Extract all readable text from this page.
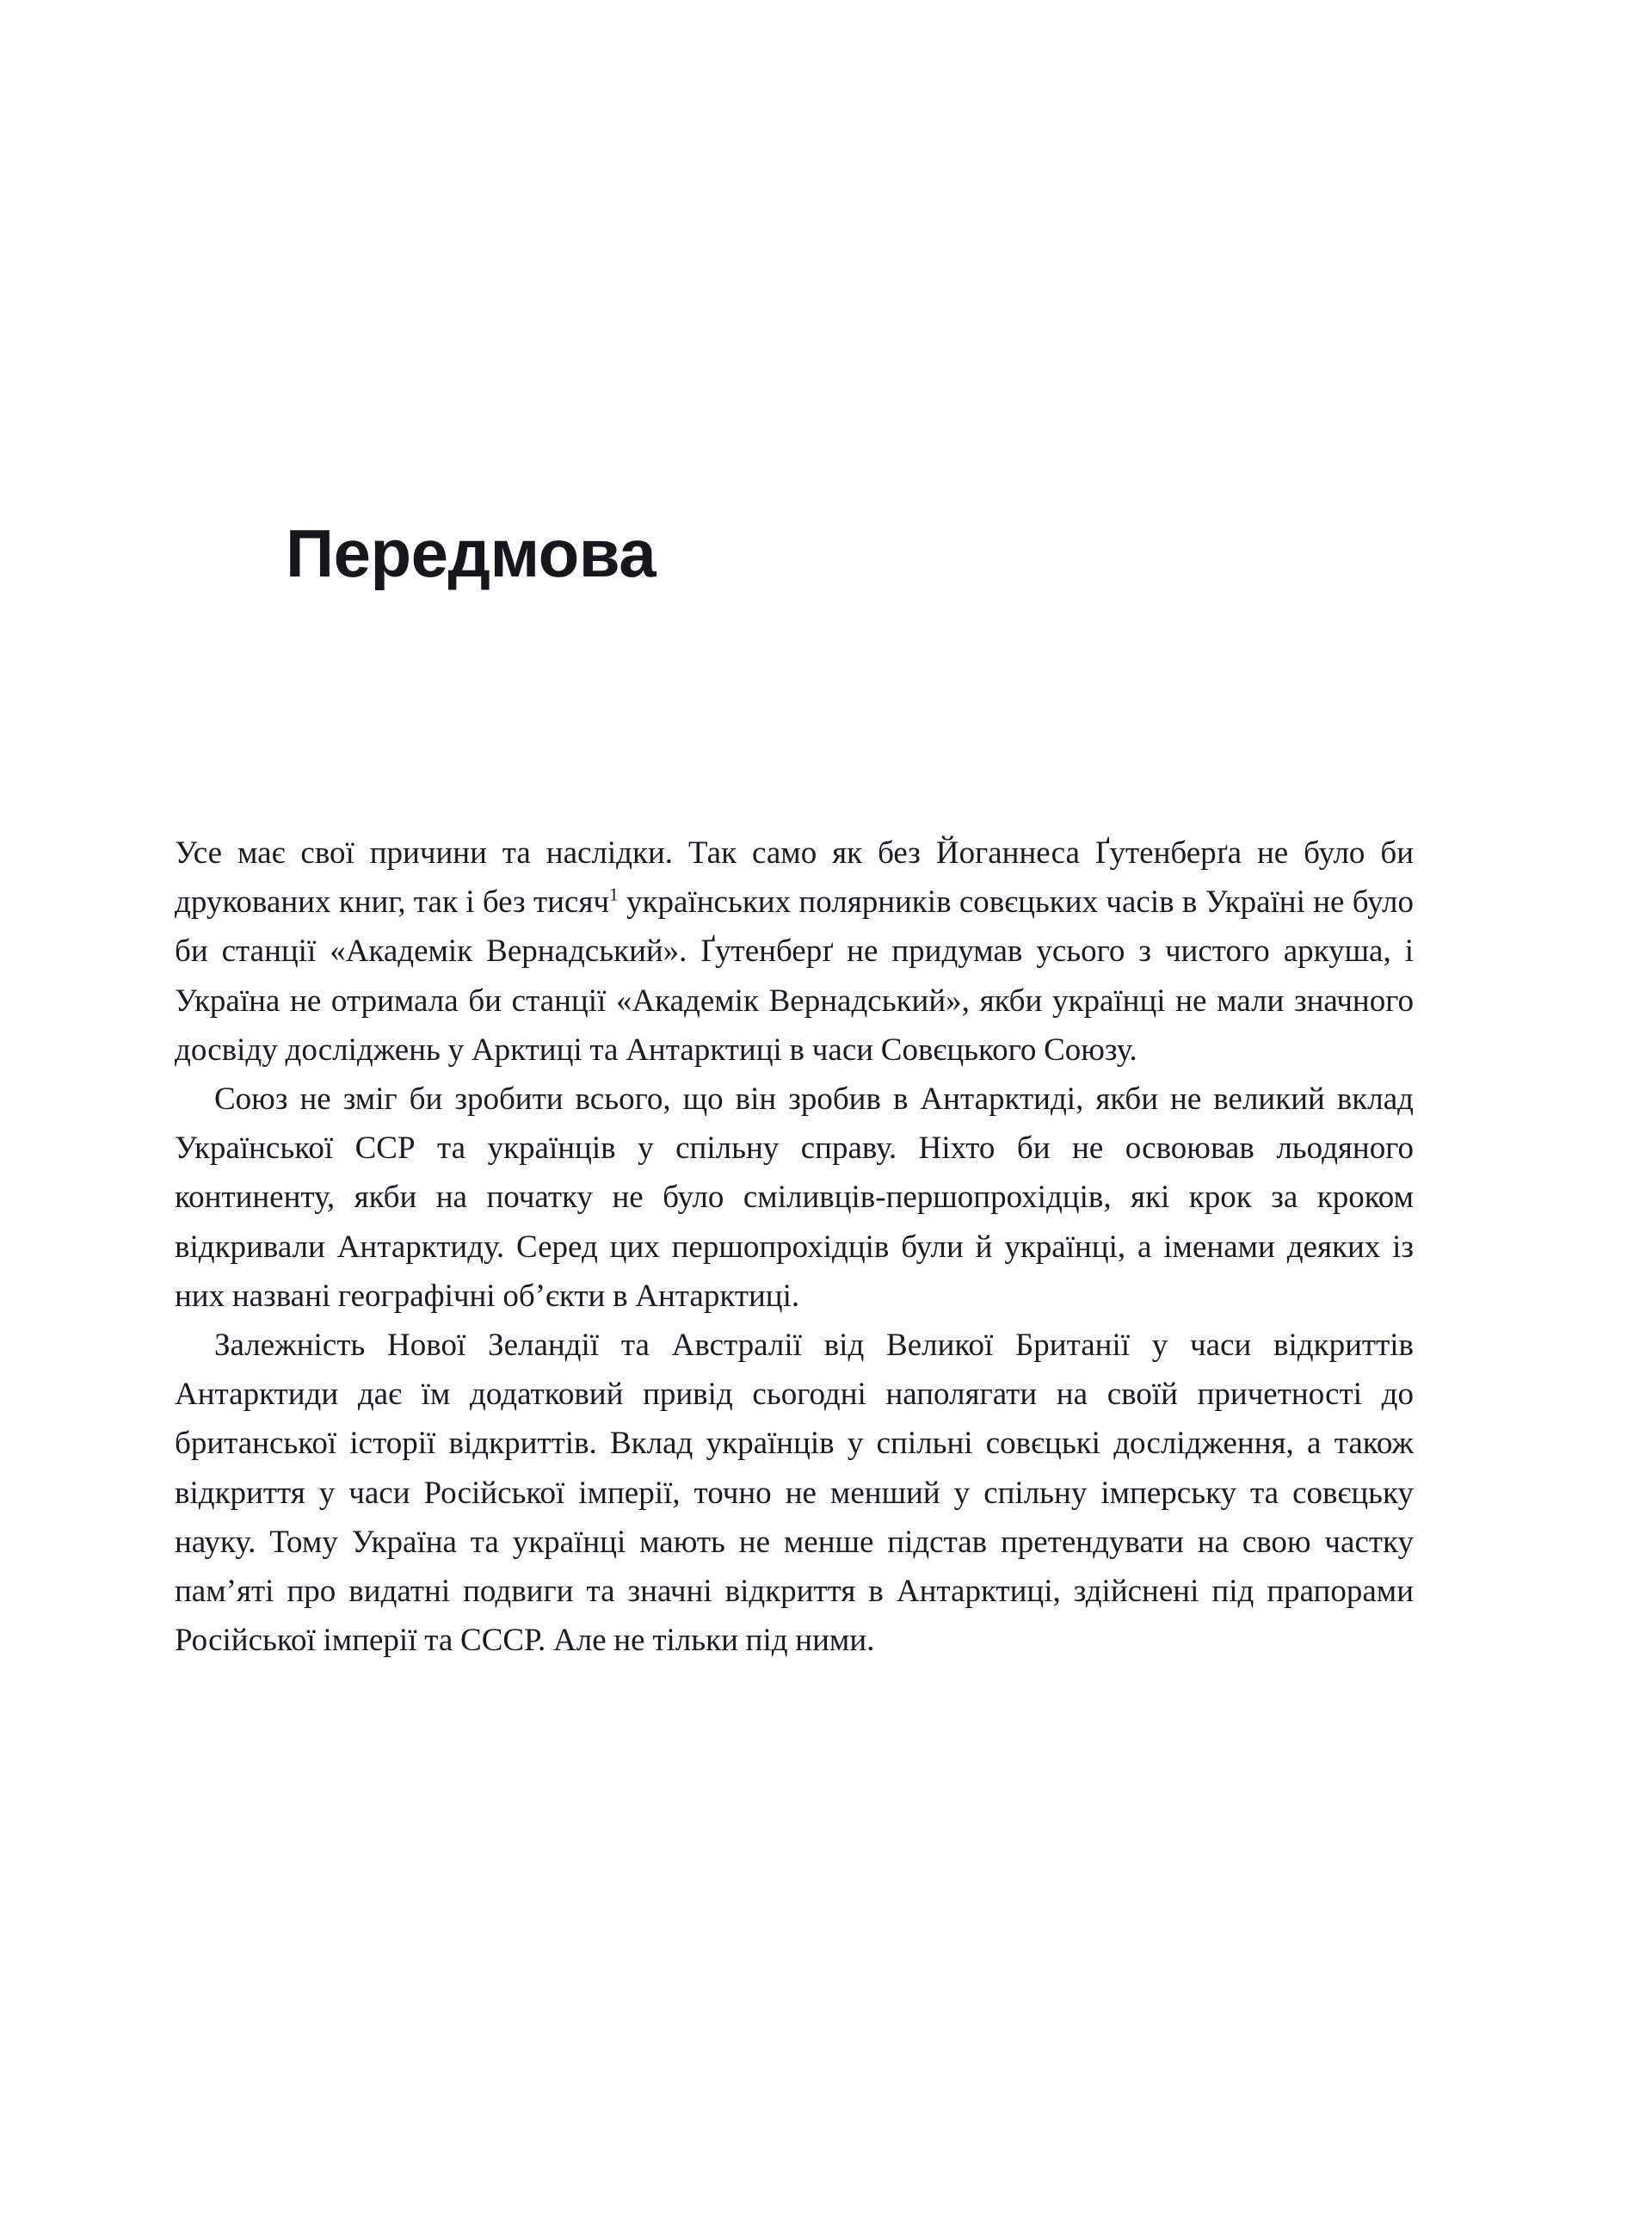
Передмова

Усе має свої причини та наслідки. Так само як без Йоганнеса Ґутенберґа не було би друкованих книг, так і без тисяч$^1$ українських полярників совєцьких часів в Україні не було би станції «Академік Вернадський». Ґутенберґ не придумав усього з чистого аркуша, і Україна не отримала би станції «Академік Вернадський», якби українці не мали значного досвіду досліджень у Арктиці та Антарктиці в часи Совєцького Союзу.

Союз не зміг би зробити всього, що він зробив в Антарктиді, якби не великий вклад Української ССР та українців у спільну справу. Ніхто би не освоював льодяного континенту, якби на початку не було сміливців-першопрохідців, які крок за кроком відкривали Антарктиду. Серед цих першопрохідців були й українці, а іменами деяких із них названі географічні об’єкти в Антарктиці.

Залежність Нової Зеландії та Австралії від Великої Британії у часи відкриттів Антарктиди дає їм додатковий привід сьогодні наполягати на своїй причетності до британської історії відкриттів. Вклад українців у спільні совєцькі дослідження, а також відкриття у часи Російської імперії, точно не менший у спільну імперську та совєцьку науку. Тому Україна та українці мають не менше підстав претендувати на свою частку пам’яті про видатні подвиги та значні відкриття в Антарктиці, здійснені під прапорами Російської імперії та СССР. Але не тільки під ними.
